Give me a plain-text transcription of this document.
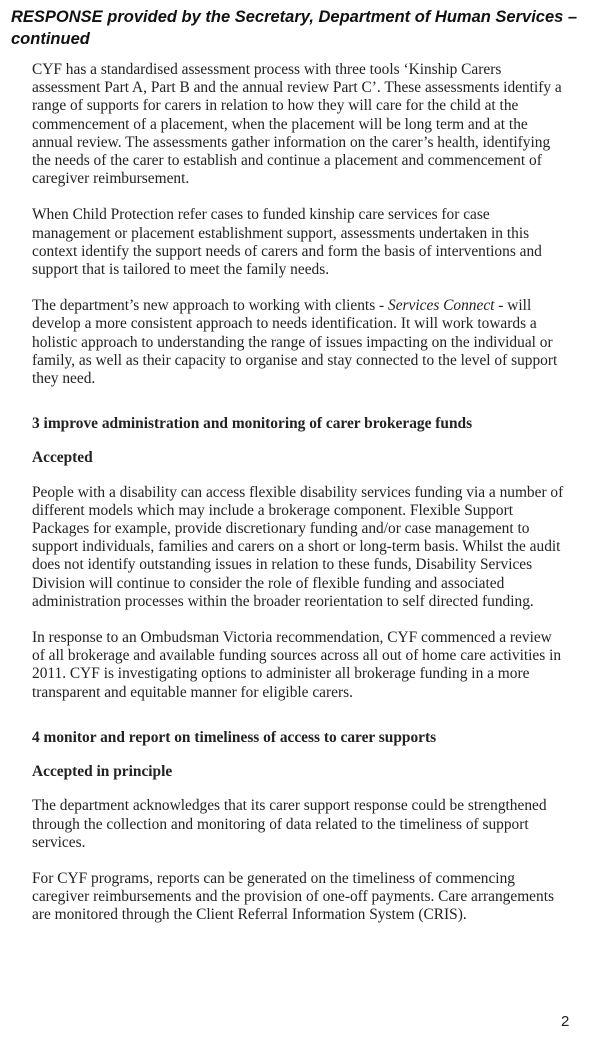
RESPONSE provided by the Secretary, Department of Human Services –
continued

CYF has a standardised assessment process with three tools ‘Kinship Carers
assessment Part A, Part B and the annual review Part C’. These assessments identify a
range of supports for carers in relation to how they will care for the child at the
commencement of a placement, when the placement will be long term and at the
annual review. The assessments gather information on the carer’s health, identifying
the needs of the carer to establish and continue a placement and commencement of
caregiver reimbursement.

When Child Protection refer cases to funded kinship care services for case
management or placement establishment support, assessments undertaken in this
context identify the support needs of carers and form the basis of interventions and
support that is tailored to meet the family needs.

The department’s new approach to working with clients - Services Connect - will
develop a more consistent approach to needs identification. It will work towards a
holistic approach to understanding the range of issues impacting on the individual or
family, as well as their capacity to organise and stay connected to the level of support
they need.

3 improve administration and monitoring of carer brokerage funds

Accepted

People with a disability can access flexible disability services funding via a number of
different models which may include a brokerage component. Flexible Support
Packages for example, provide discretionary funding and/or case management to
support individuals, families and carers on a short or long-term basis. Whilst the audit
does not identify outstanding issues in relation to these funds, Disability Services
Division will continue to consider the role of flexible funding and associated
administration processes within the broader reorientation to self directed funding.

In response to an Ombudsman Victoria recommendation, CYF commenced a review
of all brokerage and available funding sources across all out of home care activities in
2011. CYF is investigating options to administer all brokerage funding in a more
transparent and equitable manner for eligible carers.

4 monitor and report on timeliness of access to carer supports

Accepted in principle

The department acknowledges that its carer support response could be strengthened
through the collection and monitoring of data related to the timeliness of support
services.

For CYF programs, reports can be generated on the timeliness of commencing
caregiver reimbursements and the provision of one-off payments. Care arrangements
are monitored through the Client Referral Information System (CRIS).

2
